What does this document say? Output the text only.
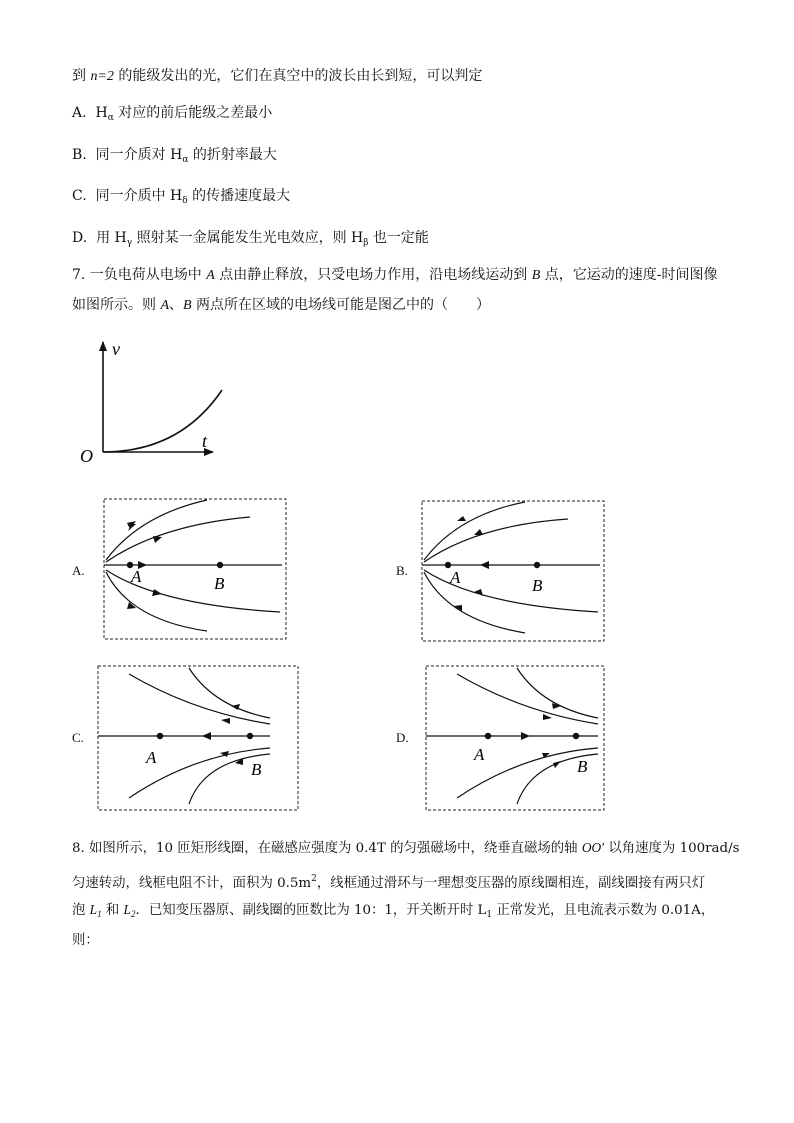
到 n=2 的能级发出的光，它们在真空中的波长由长到短，可以判定
A. $H_\alpha$ 对应的前后能级之差最小
B. 同一介质对 $H_\alpha$ 的折射率最大
C. 同一介质中 $H_\delta$ 的传播速度最大
D. 用 $H_\gamma$ 照射某一金属能发生光电效应，则 $H_\beta$ 也一定能
7. 一负电荷从电场中 A 点由静止释放，只受电场力作用，沿电场线运动到 B 点，它运动的速度-时间图像
如图所示。则 A、B 两点所在区域的电场线可能是图乙中的（　　）
v
t
O
A.	A	B
B. A	B
C.
A
B
D.
A
B
8. 如图所示，10 匝矩形线圈，在磁感应强度为 0.4T 的匀强磁场中，绕垂直磁场的轴 OO′ 以角速度为 100rad/s
匀速转动，线框电阻不计，面积为 $0.5m^2$，线框通过滑环与一理想变压器的原线圈相连，副线圈接有两只灯
泡 $L_1$ 和 $L_2$．已知变压器原、副线圈的匝数比为 10：1，开关断开时 $L_1$ 正常发光，且电流表示数为 0.01A，
则：
